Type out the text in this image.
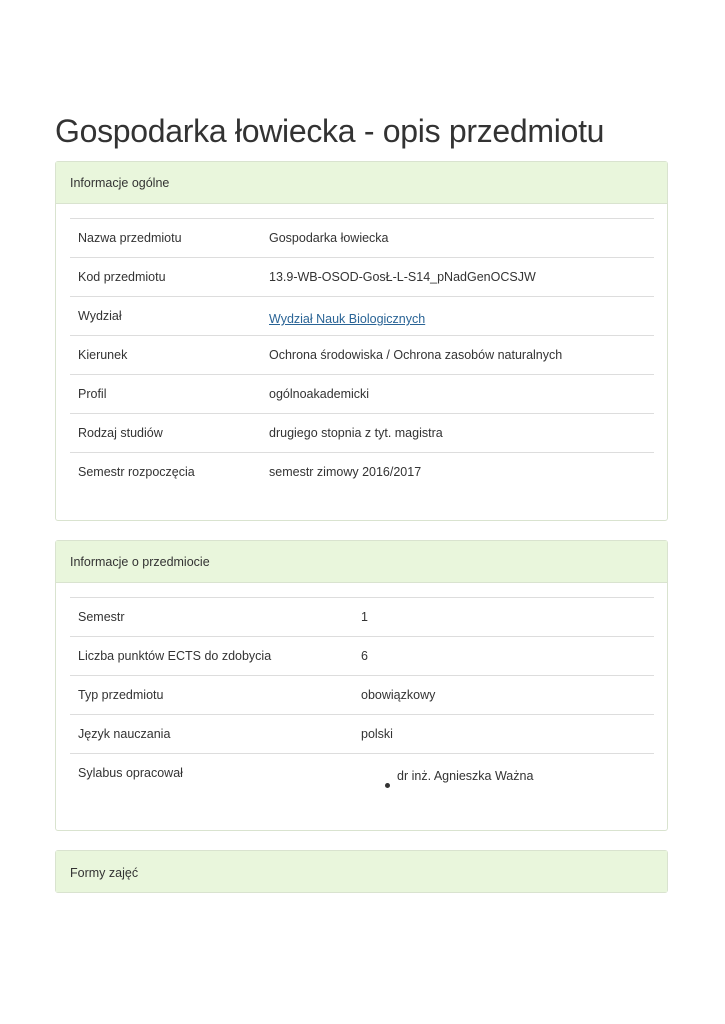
Gospodarka łowiecka - opis przedmiotu
Informacje ogólne
Nazwa przedmiotu	Gospodarka łowiecka
Kod przedmiotu	13.9-WB-OSOD-GosŁ-L-S14_pNadGenOCSJW
Wydział	Wydział Nauk Biologicznych
Kierunek	Ochrona środowiska / Ochrona zasobów naturalnych
Profil	ogólnoakademicki
Rodzaj studiów	drugiego stopnia z tyt. magistra
Semestr rozpoczęcia	semestr zimowy 2016/2017
Informacje o przedmiocie
Semestr	1
Liczba punktów ECTS do zdobycia	6
Typ przedmiotu	obowiązkowy
Język nauczania	polski
Sylabus opracował	dr inż. Agnieszka Ważna
Formy zajęć
